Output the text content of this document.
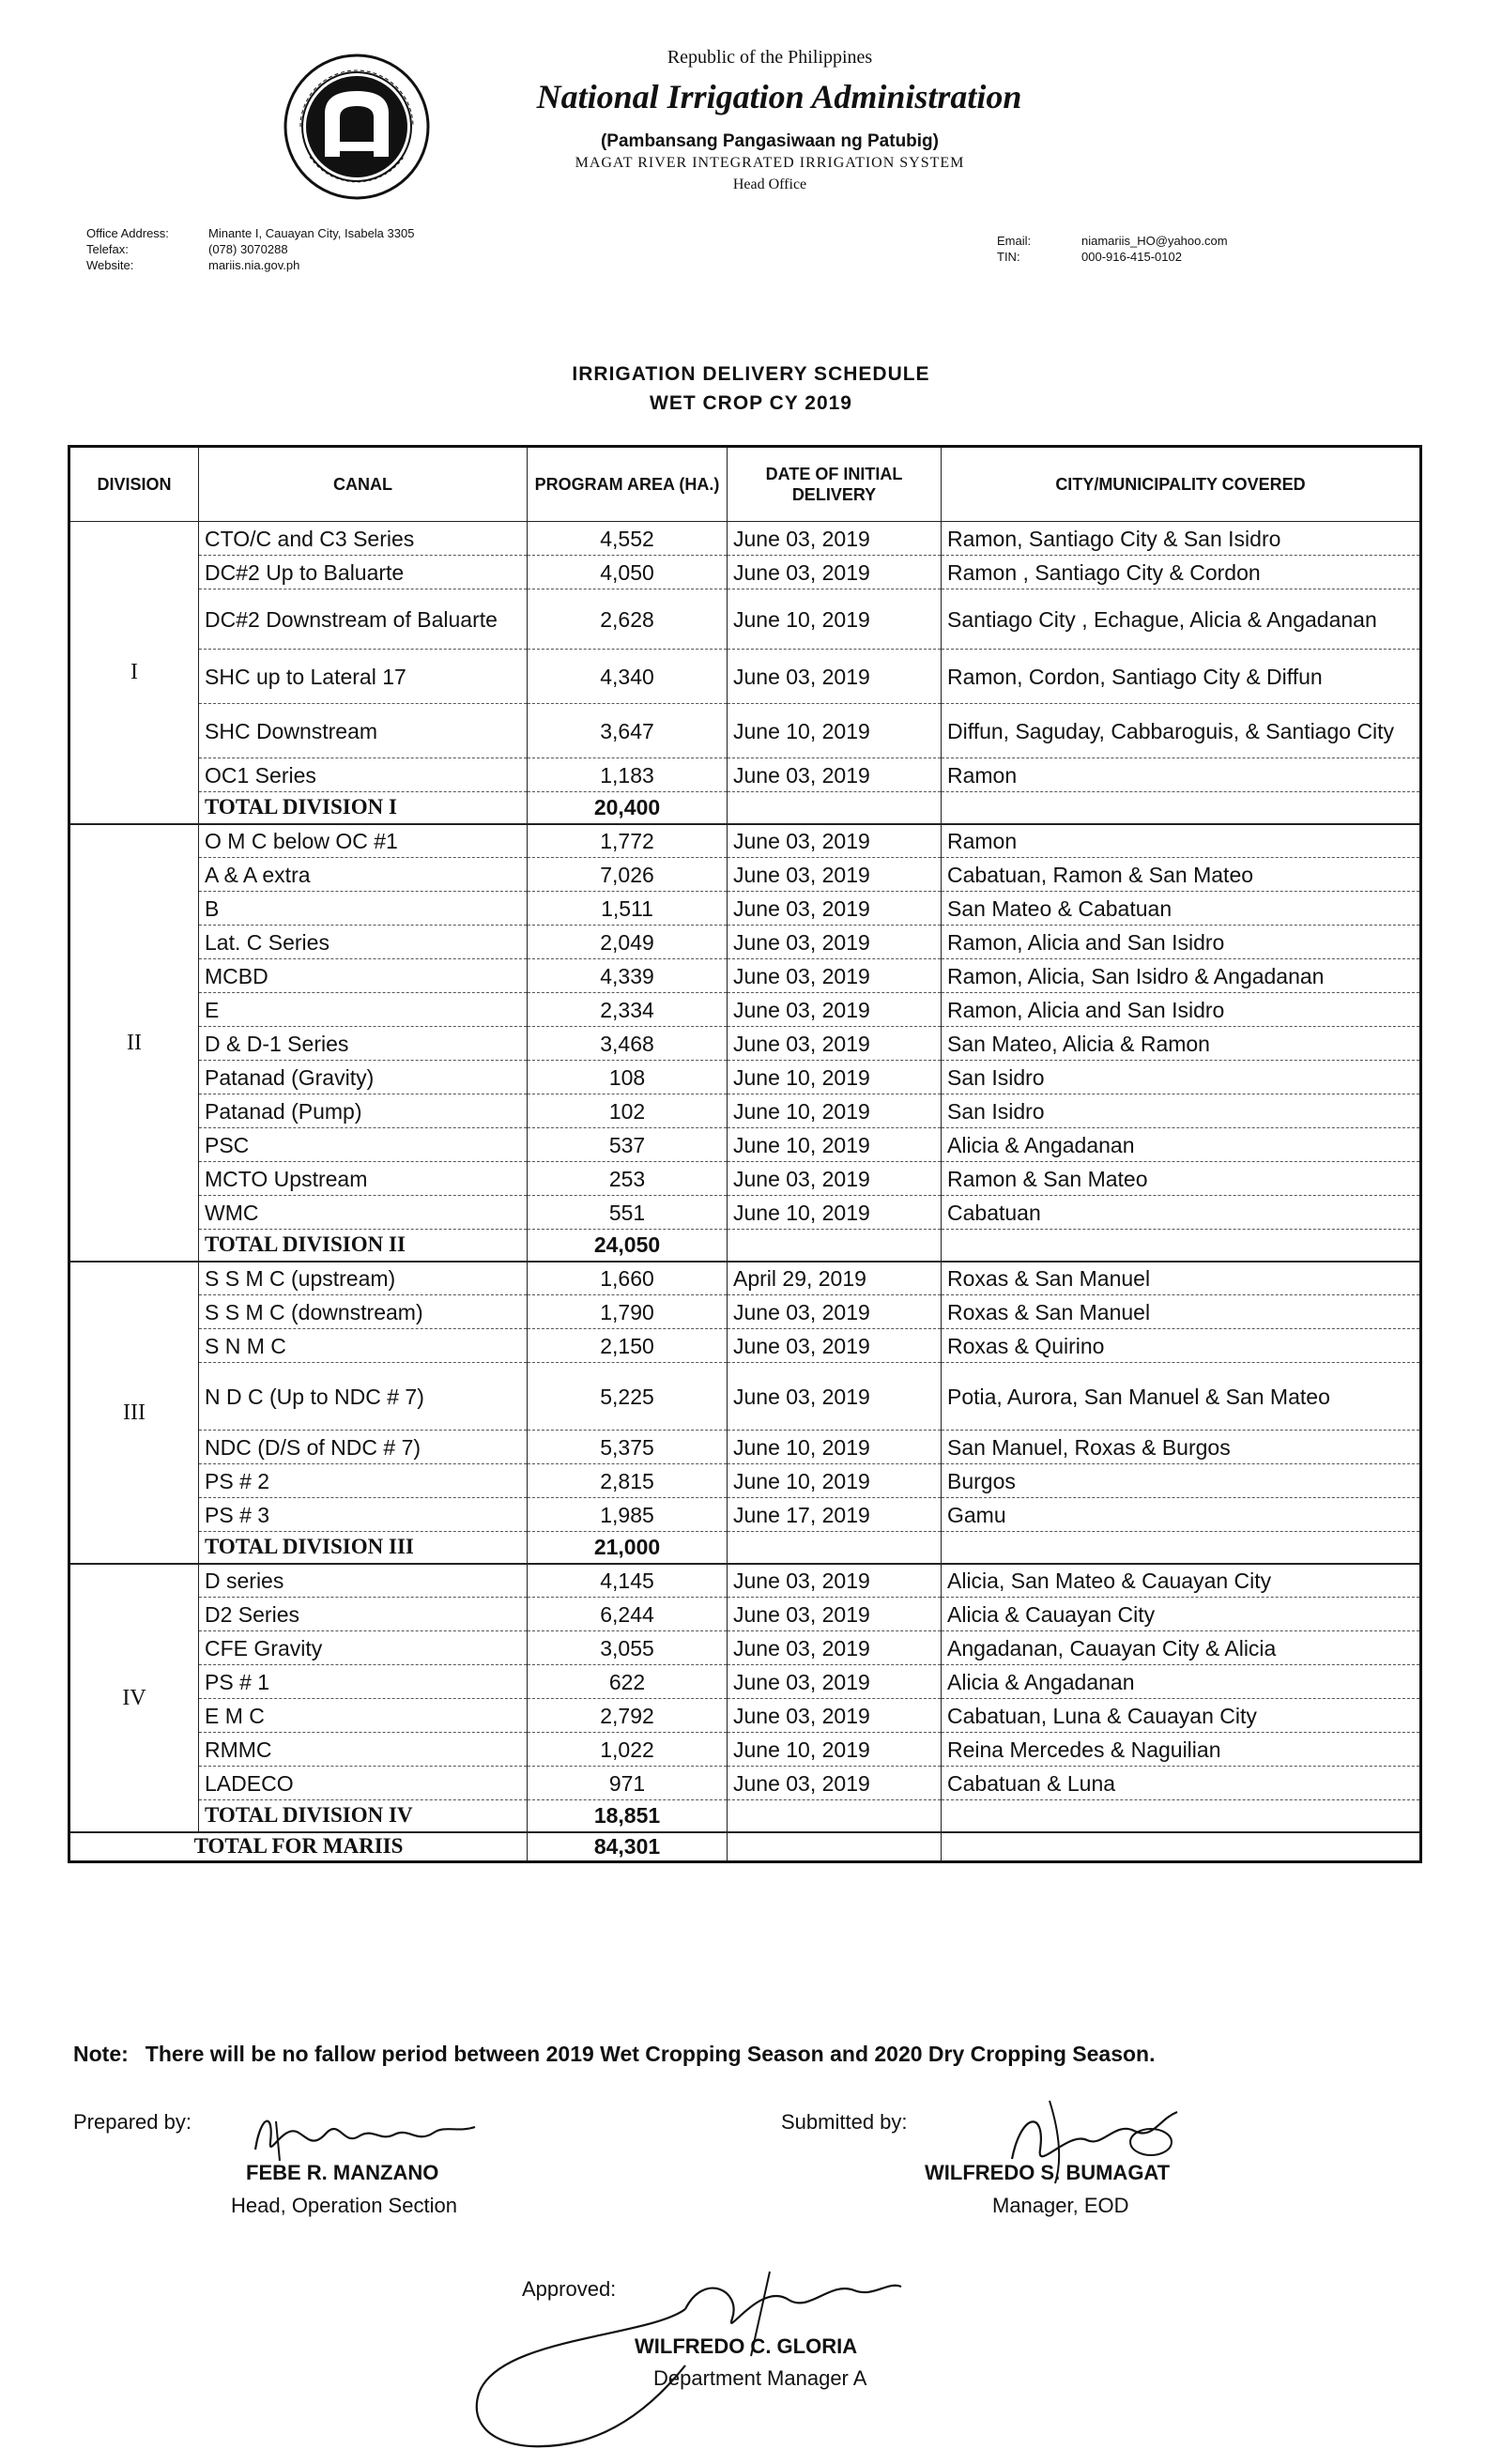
Republic of the Philippines
National Irrigation Administration
(Pambansang Pangasiwaan ng Patubig)
MAGAT RIVER INTEGRATED IRRIGATION SYSTEM
Head Office
Office Address:
Telefax:
Website:
Minante I, Cauayan City, Isabela 3305
(078) 3070288
mariis.nia.gov.ph
Email:
TIN:
niamariis_HO@yahoo.com
000-916-415-0102
IRRIGATION DELIVERY SCHEDULE
WET CROP CY 2019
DIVISION	CANAL	PROGRAM AREA (HA.)	DATE OF INITIAL DELIVERY	CITY/MUNICIPALITY COVERED
I	CTO/C and C3 Series	4,552	June 03, 2019	Ramon, Santiago City & San Isidro
	DC#2 Up to Baluarte	4,050	June 03, 2019	Ramon , Santiago City & Cordon
	DC#2 Downstream of Baluarte	2,628	June 10, 2019	Santiago City , Echague, Alicia & Angadanan
	SHC up to Lateral 17	4,340	June 03, 2019	Ramon, Cordon, Santiago City & Diffun
	SHC Downstream	3,647	June 10, 2019	Diffun, Saguday, Cabbaroguis, & Santiago City
	OC1 Series	1,183	June 03, 2019	Ramon
	TOTAL DIVISION I	20,400		
II	O M C below OC #1	1,772	June 03, 2019	Ramon
	A & A extra	7,026	June 03, 2019	Cabatuan, Ramon & San Mateo
	B	1,511	June 03, 2019	San Mateo & Cabatuan
	Lat. C Series	2,049	June 03, 2019	Ramon, Alicia and San Isidro
	MCBD	4,339	June 03, 2019	Ramon, Alicia, San Isidro & Angadanan
	E	2,334	June 03, 2019	Ramon, Alicia and San Isidro
	D & D-1 Series	3,468	June 03, 2019	San Mateo, Alicia & Ramon
	Patanad (Gravity)	108	June 10, 2019	San Isidro
	Patanad (Pump)	102	June 10, 2019	San Isidro
	PSC	537	June 10, 2019	Alicia & Angadanan
	MCTO Upstream	253	June 03, 2019	Ramon & San Mateo
	WMC	551	June 10, 2019	Cabatuan
	TOTAL DIVISION II	24,050		
III	S S M C (upstream)	1,660	April 29, 2019	Roxas & San Manuel
	S S M C (downstream)	1,790	June 03, 2019	Roxas & San Manuel
	S N M C	2,150	June 03, 2019	Roxas & Quirino
	N D C (Up to NDC # 7)	5,225	June 03, 2019	Potia, Aurora, San Manuel & San Mateo
	NDC (D/S of NDC # 7)	5,375	June 10, 2019	San Manuel, Roxas & Burgos
	PS # 2	2,815	June 10, 2019	Burgos
	PS # 3	1,985	June 17, 2019	Gamu
	TOTAL DIVISION III	21,000		
IV	D series	4,145	June 03, 2019	Alicia, San Mateo & Cauayan City
	D2 Series	6,244	June 03, 2019	Alicia & Cauayan City
	CFE Gravity	3,055	June 03, 2019	Angadanan, Cauayan City & Alicia
	PS # 1	622	June 03, 2019	Alicia & Angadanan
	E M C	2,792	June 03, 2019	Cabatuan, Luna & Cauayan City
	RMMC	1,022	June 10, 2019	Reina Mercedes & Naguilian
	LADECO	971	June 03, 2019	Cabatuan & Luna
	TOTAL DIVISION IV	18,851		
TOTAL FOR MARIIS		84,301		
Note: There will be no fallow period between 2019 Wet Cropping Season and 2020 Dry Cropping Season.
Prepared by:
FEBE R. MANZANO
Head, Operation Section
Submitted by:
WILFREDO S. BUMAGAT
Manager, EOD
Approved:
WILFREDO C. GLORIA
Department Manager A
